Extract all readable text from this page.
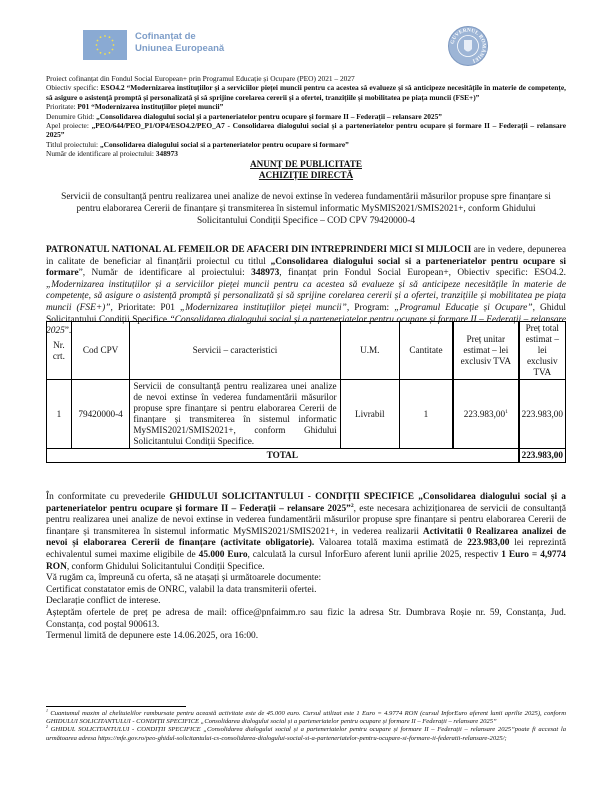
Cofinanțat de
Uniunea Europeană
GUVERNUL ROMÂNIEI
Proiect cofinanțat din Fondul Social European+ prin Programul Educație și Ocupare (PEO) 2021 – 2027
Obiectiv specific: ESO4.2 “Modernizarea instituțiilor și a serviciilor pieței muncii pentru ca acestea să evalueze și să anticipeze necesitățile în materie de competențe, să asigure o asistență promptă și personalizată și să sprijine corelarea cererii și a ofertei, tranzițiile și mobilitatea pe piața muncii (FSE+)”
Prioritate: P01 “Modernizarea instituțiilor pieței muncii”
Denumire Ghid: „Consolidarea dialogului social și a parteneriatelor pentru ocupare și formare II – Federații – relansare 2025”
Apel proiecte: „PEO/644/PEO_P1/OP4/ESO4.2/PEO_A7 - Consolidarea dialogului social și a parteneriatelor pentru ocupare și formare II – Federații – relansare 2025”
Titlul proiectului: „Consolidarea dialogului social si a parteneriatelor pentru ocupare si formare”
Număr de identificare al proiectului: 348973
ANUNȚ DE PUBLICITATE
ACHIZIȚIE DIRECTĂ
Servicii de consultanță pentru realizarea unei analize de nevoi extinse în vederea fundamentării măsurilor propuse spre finanțare si pentru elaborarea Cererii de finanțare și transmiterea în sistemul informatic MySMIS2021/SMIS2021+, conform Ghidului Solicitantului Condiții Specifice – COD CPV 79420000-4
PATRONATUL NATIONAL AL FEMEILOR DE AFACERI DIN INTREPRINDERI MICI SI MIJLOCII are in vedere, depunerea in calitate de beneficiar al finanțării proiectul cu titlul „Consolidarea dialogului social si a parteneriatelor pentru ocupare si formare”, Număr de identificare al proiectului: 348973, finanțat prin Fondul Social European+, Obiectiv specific: ESO4.2. „Modernizarea instituțiilor și a serviciilor pieței muncii pentru ca acestea să evalueze și să anticipeze necesitățile în materie de competențe, să asigure o asistență promptă și personalizată și să sprijine corelarea cererii și a ofertei, tranzițiile și mobilitatea pe piața muncii (FSE+)”, Prioritate: P01 „Modernizarea instituțiilor pieței muncii”, Program: „Programul Educație și Ocupare”, Ghidul Solicitantului Condiții Specifice “Consolidarea dialogului social și a parteneriatelor pentru ocupare și formare II – Federații – relansare 2025”.
Nr. crt.	Cod CPV	Servicii – caracteristici	U.M.	Cantitate	Preț unitar estimat – lei exclusiv TVA	Preț total estimat – lei exclusiv TVA
1	79420000-4	Servicii de consultanță pentru realizarea unei analize de nevoi extinse în vederea fundamentării măsurilor propuse spre finanțare si pentru elaborarea Cererii de finanțare și transmiterea în sistemul informatic MySMIS2021/SMIS2021+, conform Ghidului Solicitantului Condiții Specifice.	Livrabil	1	223.983,00$^1$	223.983,00
TOTAL						223.983,00
În conformitate cu prevederile GHIDULUI SOLICITANTULUI - CONDIȚII SPECIFICE „Consolidarea dialogului social și a parteneriatelor pentru ocupare și formare II – Federații – relansare 2025”$^2$, este necesara achiziționarea de servicii de consultanță pentru realizarea unei analize de nevoi extinse in vederea fundamentării măsurilor propuse spre finanțare si pentru elaborarea Cererii de finanțare și transmiterea în sistemul informatic MySMIS2021/SMIS2021+, in vederea realizarii Activitatii 0 Realizarea analizei de nevoi și elaborarea Cererii de finanțare (activitate obligatorie). Valoarea totală maxima estimată de 223.983,00 lei reprezintă echivalentul sumei maxime eligibile de 45.000 Euro, calculată la cursul InforEuro aferent lunii aprilie 2025, respectiv 1 Euro = 4,9774 RON, conform Ghidului Solicitantului Condiții Specifice.
Vă rugăm ca, împreună cu oferta, să ne atașați și următoarele documente:
Certificat constatator emis de ONRC, valabil la data transmiterii ofertei.
Declarație conflict de interese.
Așteptăm ofertele de preț pe adresa de mail: office@pnfaimm.ro sau fizic la adresa Str. Dumbrava Roșie nr. 59, Constanța, Jud. Constanța, cod poștal 900613.
Termenul limită de depunere este 14.06.2025, ora 16:00.
$^1$ Cuantumul maxim al cheltuielilor rambursate pentru această activitate este de 45.000 euro. Cursul utilizat este 1 Euro = 4.9774 RON (cursul InforEuro aferent lunii aprilie 2025), conform GHIDULUI SOLICITANTULUI - CONDIȚII SPECIFICE „Consolidarea dialogului social și a parteneriatelor pentru ocupare și formare II – Federații – relansare 2025”
$^2$ GHIDUL SOLICITANTULUI - CONDIȚII SPECIFICE „Consolidarea dialogului social și a parteneriatelor pentru ocupare și formare II – Federații – relansare 2025”poate fi accesat la următoarea adresa https://mfe.gov.ro/peo-ghidul-solicitantului-cs-consolidarea-dialogului-social-si-a-parteneriatelor-pentru-ocupare-si-formare-ii-federatii-relansare-2025/;
